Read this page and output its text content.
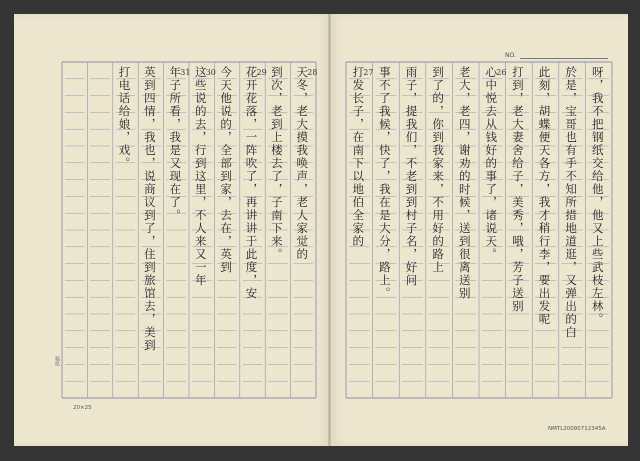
NO.
呀，我不把钢纸交给他，他又上些武枝左林。
於是，宝哥也有手不知所措地道逛，又弹出的白
此刻，胡蝶便天各方，我才稍行李，要出发呢
打到，老大妻舍给子，美秀，哦，芳子送别
心中悦去从钱好的事了，诸说天。
26
老大，老四，谢劝的时候，送到很离送别
到了的，你到我家来，不用好的路上
雨子，提我们，不老到到村子名，好问
事不了我候，快了，我在是大分，路上。
打发长子，在南下以地伯全家的
27
天冬，老大摸我唤声，老人家觉的
28
到次，老到上楼去了，子南下来。
花开花落，一阵吹了，再讲讲于此度，安
29
今天他说的，全部到家，去在，英到
这些说的去，行到这里，不人来又一年
30
年子所看，我是又现在了。
31
英到四情，我也，说商议到了，住到旅馆去，美到
打电话给娘，戏。
20×25
稿紙
NMTL20090712345A
